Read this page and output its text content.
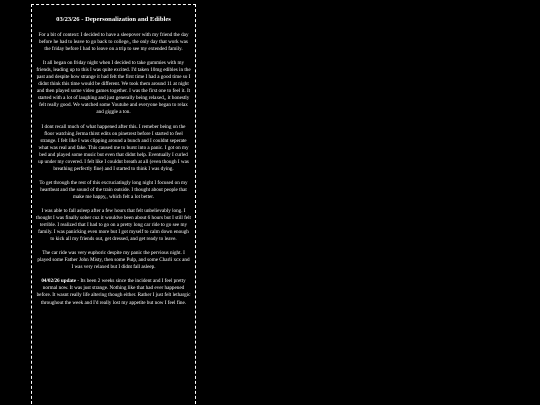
03/23/26 - Depersonalization and Edibles

For a bit of context: I decided to have a sleepover with my friend the day before he had to leave to go back to college,, the only day that work was the friday before I had to leave on a trip to see my extended family.

It all began on friday night when I decided to take gummies with my friends, leading up to this I was quite excited. I'd taken 10mg edibles in the past and despite how strange it had felt the first time I had a good time so I didnt think this time would be different. We took them around 11 at night and then played some video games together. I was the first one to feel it. It started with a lot of laughing and just generally being relaxed,, it honestly felt really good. We watched some Youtube and everyone began to relax and giggle a ton.

I dont recall much of what happened after this. I remeber being on the floor watching Jerma thirst edits on pinetrest before I started to feel strange. I felt like I was clipping around a bunch and I couldnt seperate what was real and fake. This caused me to burst into a panic. I got on my bed and played some music but even that didnt help. Eventually I curled up under my covered. I felt like I couldnt breath at all (even though I was breathing perfectly fine) and I started to think I was dying.

To get through the rest of this excruciatingly long night I focused on my heartbeat and the sound of the train outside. I thought about people that make me happy,, which felt a lot better.

I was able to fall asleep after a few hours that felt unbelievably long. I thought I was finally sober cuz it wouldve been about 6 hours but I still felt terrible. I realized that I had to go on a pretty long car ride to go see my family. I was panicking even more but I got myself to calm down enough to kick all my friends out, get dressed, and get ready to leave.

The car ride was very euphoric despite my panic the pervious night. I played some Father John Misty, then some Pulp, and some Charli xcx and I was very relaxed but I didnt fall asleep.

04/02/26 update - Its been 2 weeks since the incident and I feel pretty normal now. It was just strange. Nothing like that had ever happened before. It wasnt really life altering though either. Rather I just felt lethargic throughout the week and I'd really lost my appetite but now I feel fine.
